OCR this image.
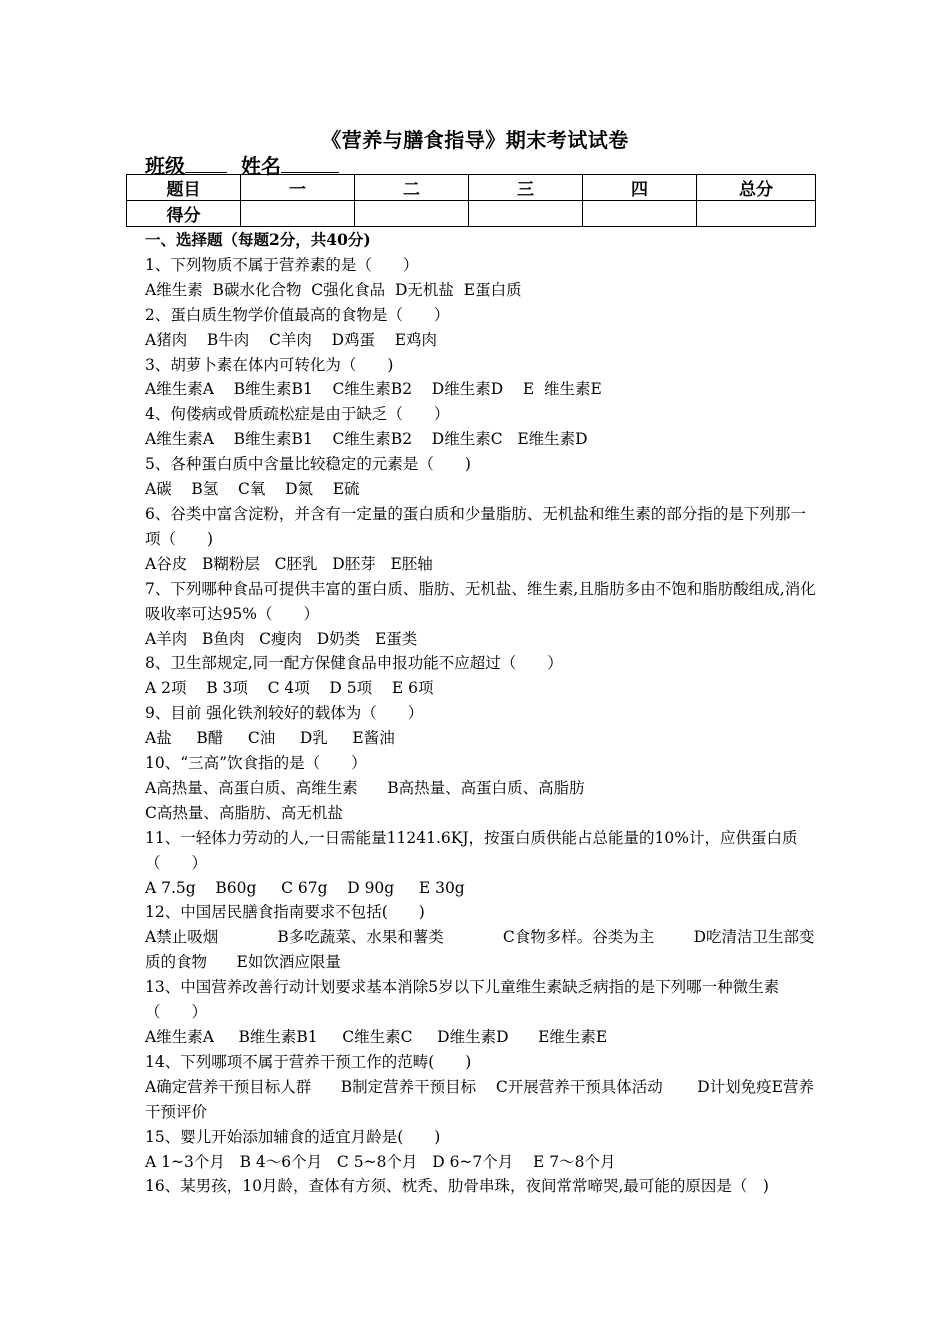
《营养与膳食指导》期末考试试卷
班级	姓名
题目	一	二	三	四	总分
得分					

一、选择题（每题2分，共40分)

1、下列物质不属于营养素的是（　　）

A维生素  B碳水化合物  C强化食品  D无机盐  E蛋白质

2、蛋白质生物学价值最高的食物是（　　）

A猪肉    B牛肉    C羊肉    D鸡蛋    E鸡肉

3、胡萝卜素在体内可转化为（　　)

A维生素A    B维生素B1    C维生素B2    D维生素D    E  维生素E

4、佝偻病或骨质疏松症是由于缺乏（　　）

A维生素A    B维生素B1    C维生素B2    D维生素C   E维生素D

5、各种蛋白质中含量比较稳定的元素是（　　)

A碳    B氢    C氧    D氮    E硫

6、谷类中富含淀粉，并含有一定量的蛋白质和少量脂肪、无机盐和维生素的部分指的是下列那一项（　　)

A谷皮   B糊粉层   C胚乳   D胚芽   E胚轴

7、下列哪种食品可提供丰富的蛋白质、脂肪、无机盐、维生素,且脂肪多由不饱和脂肪酸组成,消化吸收率可达95%（　　）

A羊肉   B鱼肉   C瘦肉   D奶类   E蛋类

8、卫生部规定,同一配方保健食品申报功能不应超过（　　）

A 2项    B 3项    C 4项    D 5项    E 6项

9、目前 强化铁剂较好的载体为（　　）

A盐     B醋     C油     D乳     E酱油

10、“三高”饮食指的是（　　）

A高热量、高蛋白质、高维生素      B高热量、高蛋白质、高脂肪

C高热量、高脂肪、高无机盐

11、一轻体力劳动的人,一日需能量11241.6KJ，按蛋白质供能占总能量的10%计，应供蛋白质（　　）

A 7.5g    B60g     C 67g    D 90g     E 30g

12、中国居民膳食指南要求不包括(　　)

A禁止吸烟            B多吃蔬菜、水果和薯类            C食物多样。谷类为主        D吃清洁卫生部变质的食物      E如饮酒应限量

13、中国营养改善行动计划要求基本消除5岁以下儿童维生素缺乏病指的是下列哪一种微生素（　　）

A维生素A     B维生素B1     C维生素C     D维生素D      E维生素E

14、下列哪项不属于营养干预工作的范畴(　　)

A确定营养干预目标人群      B制定营养干预目标    C开展营养干预具体活动       D计划免疫E营养干预评价

15、婴儿开始添加辅食的适宜月龄是(　　)

A 1~3个月   B 4～6个月   C 5~8个月   D 6~7个月    E 7～8个月

16、某男孩，10月龄，查体有方须、枕秃、肋骨串珠，夜间常常啼哭,最可能的原因是（　)
